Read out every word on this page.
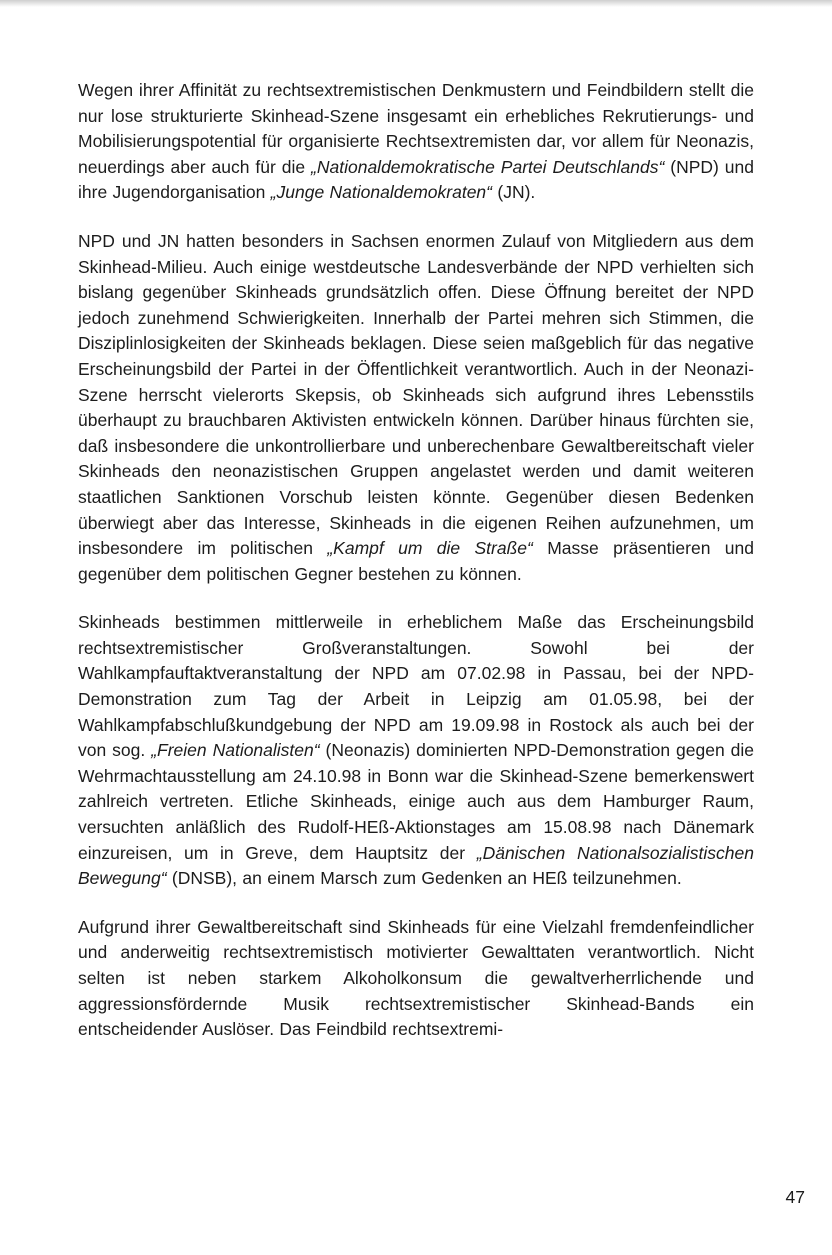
Wegen ihrer Affinität zu rechtsextremistischen Denkmustern und Feindbildern stellt die nur lose strukturierte Skinhead-Szene insgesamt ein erhebliches Rekrutierungs- und Mobilisierungspotential für organisierte Rechtsextremisten dar, vor allem für Neonazis, neuerdings aber auch für die „Nationaldemokratische Partei Deutschlands“ (NPD) und ihre Jugendorganisation „Junge Nationaldemokraten“ (JN).

NPD und JN hatten besonders in Sachsen enormen Zulauf von Mitgliedern aus dem Skinhead-Milieu. Auch einige westdeutsche Landesverbände der NPD verhielten sich bislang gegenüber Skinheads grundsätzlich offen. Diese Öffnung bereitet der NPD jedoch zunehmend Schwierigkeiten. Innerhalb der Partei mehren sich Stimmen, die Disziplinlosigkeiten der Skinheads beklagen. Diese seien maßgeblich für das negative Erscheinungsbild der Partei in der Öffentlichkeit verantwortlich. Auch in der Neonazi-Szene herrscht vielerorts Skepsis, ob Skinheads sich aufgrund ihres Lebensstils überhaupt zu brauchbaren Aktivisten entwickeln können. Darüber hinaus fürchten sie, daß insbesondere die unkontrollierbare und unberechenbare Gewaltbereitschaft vieler Skinheads den neonazistischen Gruppen angelastet werden und damit weiteren staatlichen Sanktionen Vorschub leisten könnte. Gegenüber diesen Bedenken überwiegt aber das Interesse, Skinheads in die eigenen Reihen aufzunehmen, um insbesondere im politischen „Kampf um die Straße“ Masse präsentieren und gegenüber dem politischen Gegner bestehen zu können.

Skinheads bestimmen mittlerweile in erheblichem Maße das Erscheinungsbild rechtsextremistischer Großveranstaltungen. Sowohl bei der Wahlkampfauftaktveranstaltung der NPD am 07.02.98 in Passau, bei der NPD-Demonstration zum Tag der Arbeit in Leipzig am 01.05.98, bei der Wahlkampfabschlußkundgebung der NPD am 19.09.98 in Rostock als auch bei der von sog. „Freien Nationalisten“ (Neonazis) dominierten NPD-Demonstration gegen die Wehrmachtausstellung am 24.10.98 in Bonn war die Skinhead-Szene bemerkenswert zahlreich vertreten. Etliche Skinheads, einige auch aus dem Hamburger Raum, versuchten anläßlich des Rudolf-HEß-Aktionstages am 15.08.98 nach Dänemark einzureisen, um in Greve, dem Hauptsitz der „Dänischen Nationalsozialistischen Bewegung“ (DNSB), an einem Marsch zum Gedenken an HEß teilzunehmen.

Aufgrund ihrer Gewaltbereitschaft sind Skinheads für eine Vielzahl fremdenfeindlicher und anderweitig rechtsextremistisch motivierter Gewalttaten verantwortlich. Nicht selten ist neben starkem Alkoholkonsum die gewaltverherrlichende und aggressionsfördernde Musik rechtsextremistischer Skinhead-Bands ein entscheidender Auslöser. Das Feindbild rechtsextremi-

47
